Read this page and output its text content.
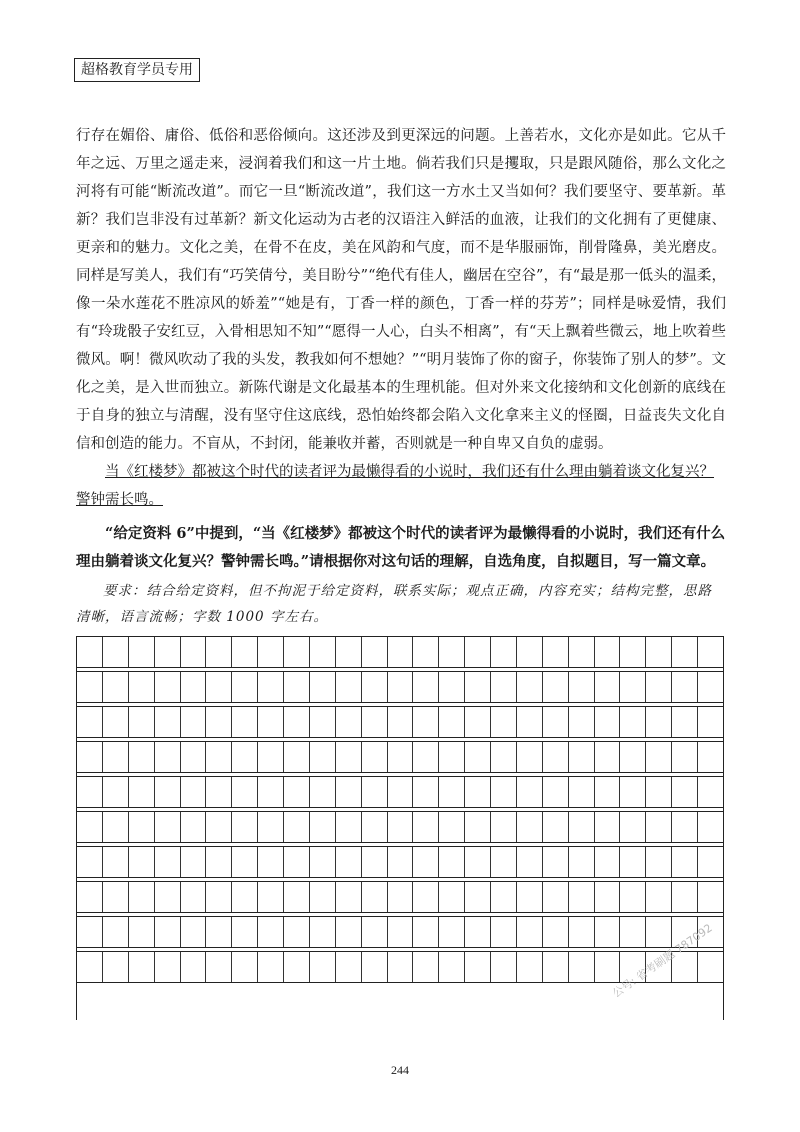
超格教育学员专用

行存在媚俗、庸俗、低俗和恶俗倾向。这还涉及到更深远的问题。上善若水，文化亦是如此。它从千年之远、万里之遥走来，浸润着我们和这一片土地。倘若我们只是攫取，只是跟风随俗，那么文化之河将有可能“断流改道”。而它一旦“断流改道”，我们这一方水土又当如何？我们要坚守、要革新。革新？我们岂非没有过革新？新文化运动为古老的汉语注入鲜活的血液，让我们的文化拥有了更健康、更亲和的魅力。文化之美，在骨不在皮，美在风韵和气度，而不是华服丽饰，削骨隆鼻，美光磨皮。同样是写美人，我们有“巧笑倩兮，美目盼兮”“绝代有佳人，幽居在空谷”，有“最是那一低头的温柔，像一朵水莲花不胜凉风的娇羞”“她是有，丁香一样的颜色，丁香一样的芬芳”；同样是咏爱情，我们有“玲珑骰子安红豆，入骨相思知不知”“愿得一人心，白头不相离”，有“天上飘着些微云，地上吹着些微风。啊！微风吹动了我的头发，教我如何不想她？”“明月装饰了你的窗子，你装饰了别人的梦”。文化之美，是入世而独立。新陈代谢是文化最基本的生理机能。但对外来文化接纳和文化创新的底线在于自身的独立与清醒，没有坚守住这底线，恐怕始终都会陷入文化拿来主义的怪圈，日益丧失文化自信和创造的能力。不盲从，不封闭，能兼收并蓄，否则就是一种自卑又自负的虚弱。

当《红楼梦》都被这个时代的读者评为最懒得看的小说时，我们还有什么理由躺着谈文化复兴？警钟需长鸣。

“给定资料 6”中提到，“当《红楼梦》都被这个时代的读者评为最懒得看的小说时，我们还有什么理由躺着谈文化复兴？警钟需长鸣。”请根据你对这句话的理解，自选角度，自拟题目，写一篇文章。

要求：结合给定资料，但不拘泥于给定资料，联系实际；观点正确，内容充实；结构完整，思路清晰，语言流畅；字数 1000 字左右。

公号: 省考刷题 787092
244
